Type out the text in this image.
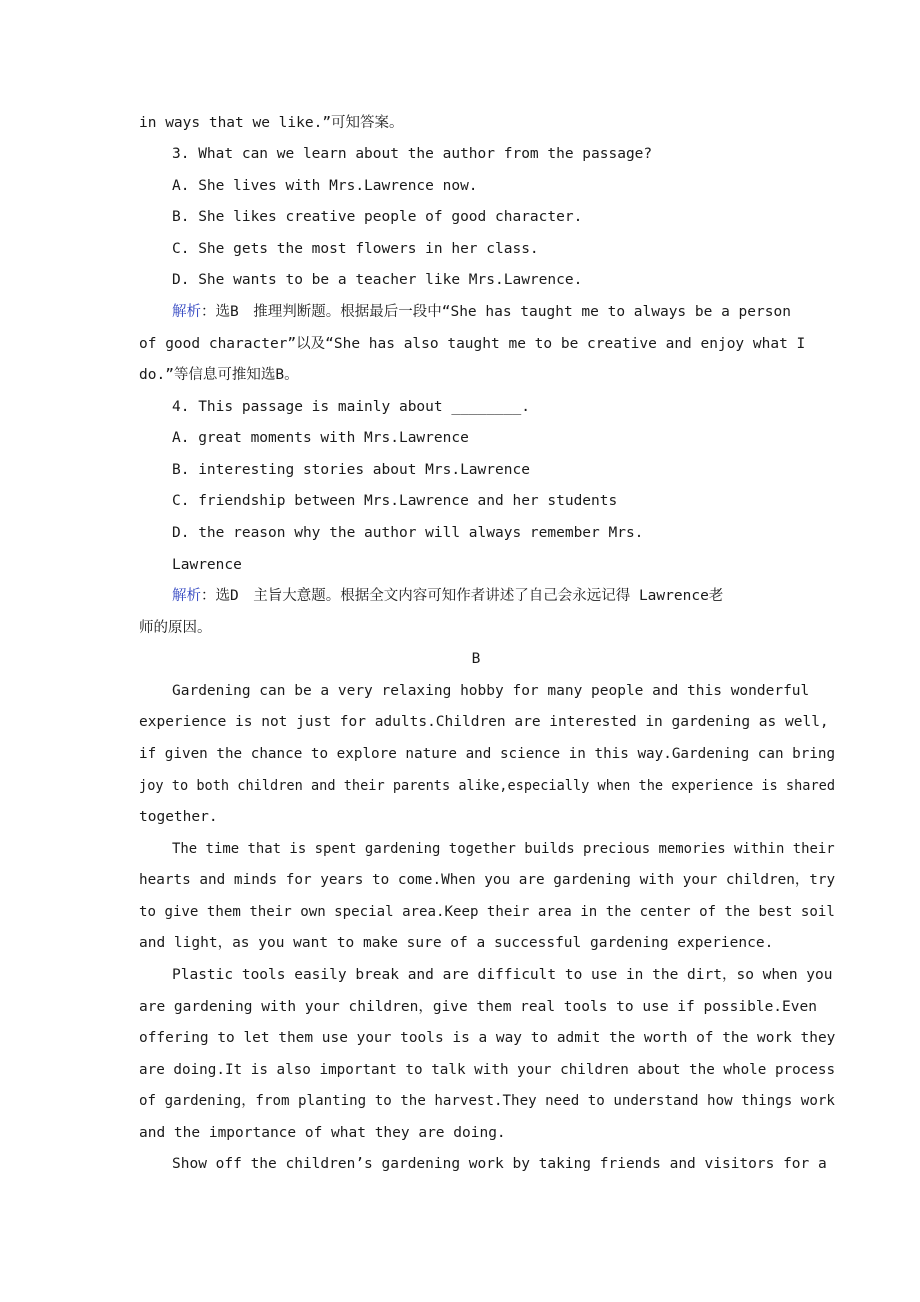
in ways that we like.”可知答案。
3. What can we learn about the author from the passage?
A. She lives with Mrs.Lawrence now.
B. She likes creative people of good character.
C. She gets the most flowers in her class.
D. She wants to be a teacher like Mrs.Lawrence.
解析：选B　推理判断题。根据最后一段中“She has taught me to always be a person
of good character”以及“She has also taught me to be creative and enjoy what I
do.”等信息可推知选B。
4. This passage is mainly about ________.
A. great moments with Mrs.Lawrence
B. interesting stories about Mrs.Lawrence
C. friendship between Mrs.Lawrence and her students
D. the reason why the author will always remember Mrs.
Lawrence
解析：选D　主旨大意题。根据全文内容可知作者讲述了自己会永远记得 Lawrence老
师的原因。
B
Gardening can be a very relaxing hobby for many people and this wonderful
experience is not just for adults.Children are interested in gardening as well,
if given the chance to explore nature and science in this way.Gardening can bring
joy to both children and their parents alike,especially when the experience is shared
together.
The time that is spent gardening together builds precious memories within their
hearts and minds for years to come.When you are gardening with your children，try
to give them their own special area.Keep their area in the center of the best soil
and light，as you want to make sure of a successful gardening experience.
Plastic tools easily break and are difficult to use in the dirt，so when you
are gardening with your children，give them real tools to use if possible.Even
offering to let them use your tools is a way to admit the worth of the work they
are doing.It is also important to talk with your children about the whole process
of gardening，from planting to the harvest.They need to understand how things work
and the importance of what they are doing.
Show off the children’s gardening work by taking friends and visitors for a
